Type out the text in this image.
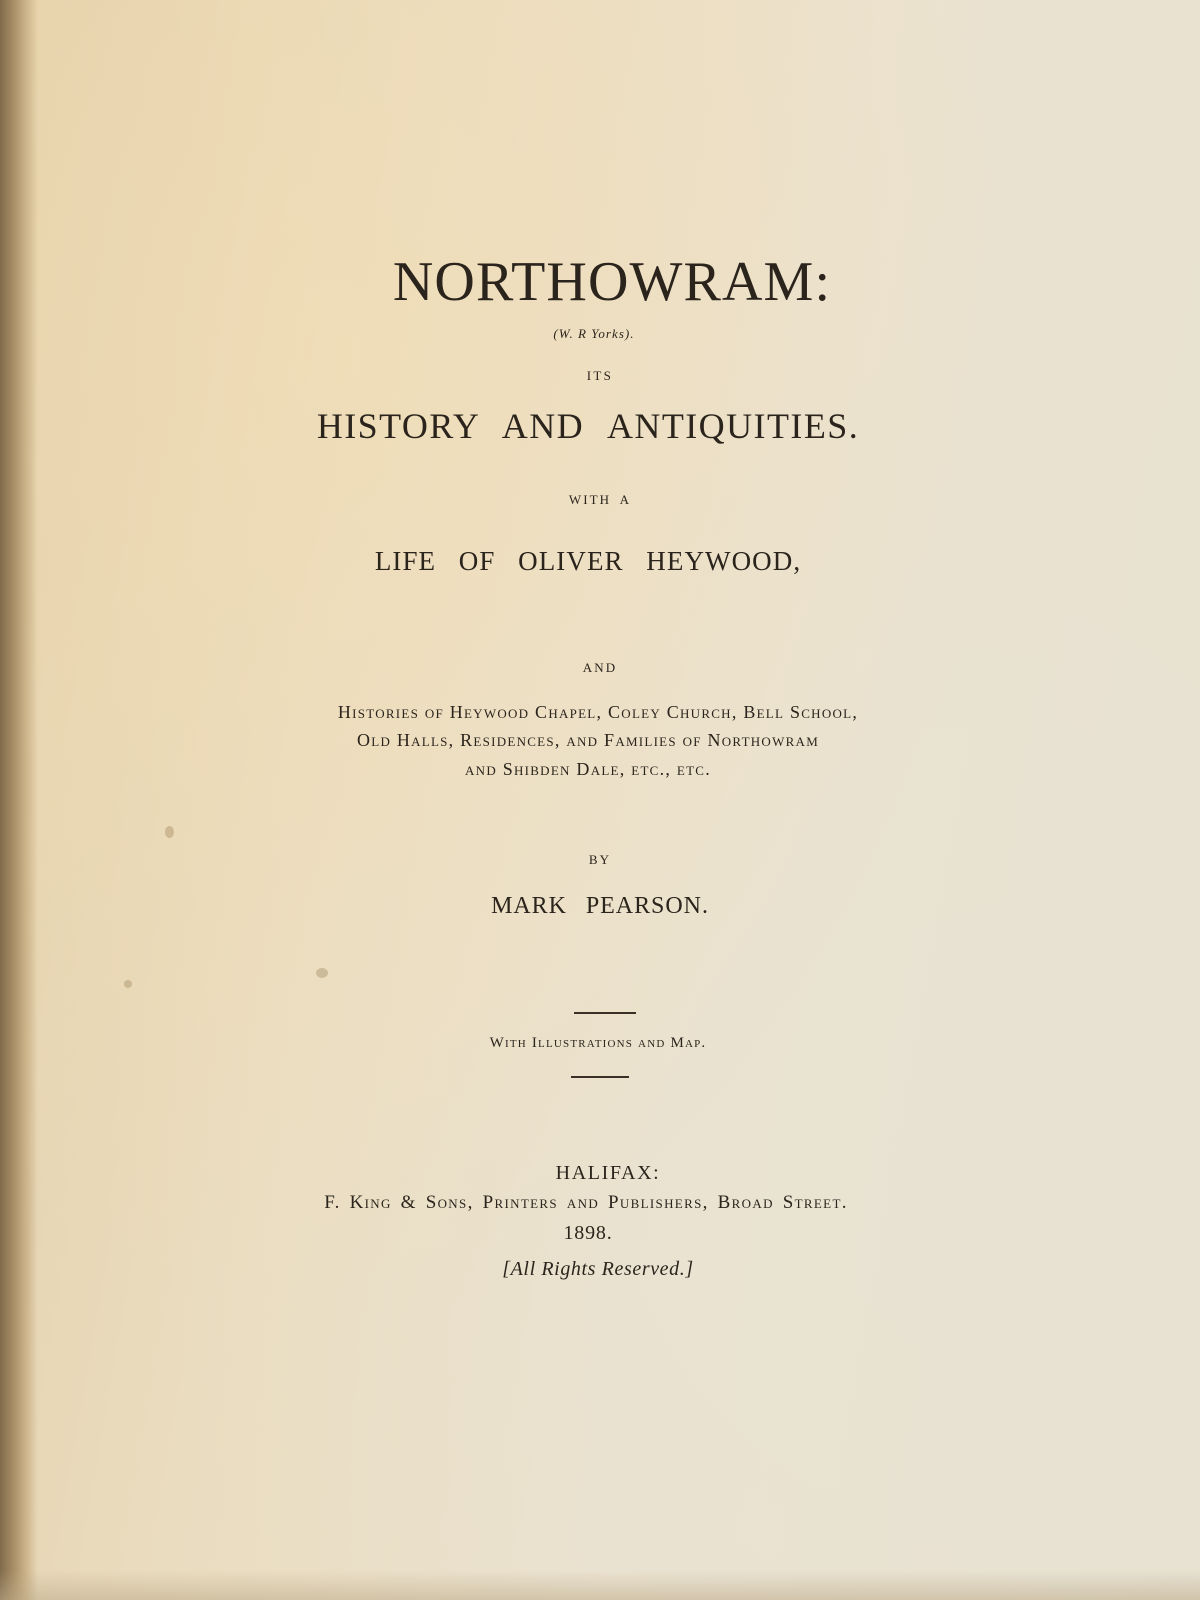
NORTHOWRAM:
(W. R Yorks).
ITS
HISTORY AND ANTIQUITIES.
WITH A
LIFE OF OLIVER HEYWOOD,
AND
Histories of Heywood Chapel, Coley Church, Bell School,
Old Halls, Residences, and Families of Northowram
and Shibden Dale, etc., etc.
BY
MARK PEARSON.
With Illustrations and Map.
HALIFAX:
F. King & Sons, Printers and Publishers, Broad Street.
1898.
[All Rights Reserved.]
